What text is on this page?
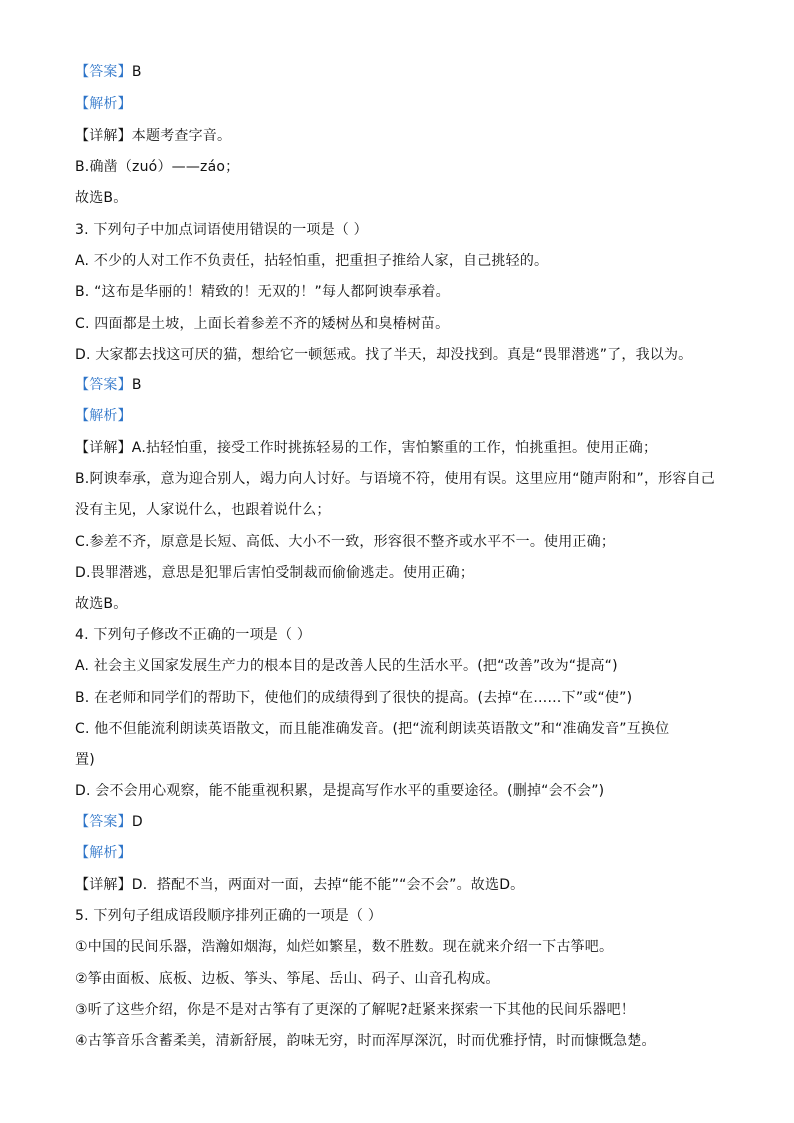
【答案】B
【解析】
【详解】本题考查字音。
B.确凿（zuó）——záo；
故选B。
3. 下列句子中加点词语使用错误的一项是（ ）
A. 不少的人对工作不负责任，拈轻怕重，把重担子推给人家，自己挑轻的。
B. “这布是华丽的！精致的！无双的！”每人都阿谀奉承着。
C. 四面都是土坡，上面长着参差不齐的矮树丛和臭椿树苗。
D. 大家都去找这可厌的猫，想给它一顿惩戒。找了半天，却没找到。真是“畏罪潜逃”了，我以为。
【答案】B
【解析】
【详解】A.拈轻怕重，接受工作时挑拣轻易的工作，害怕繁重的工作，怕挑重担。使用正确；
B.阿谀奉承，意为迎合别人，竭力向人讨好。与语境不符，使用有误。这里应用“随声附和”，形容自己
没有主见，人家说什么，也跟着说什么；
C.参差不齐，原意是长短、高低、大小不一致，形容很不整齐或水平不一。使用正确；
D.畏罪潜逃，意思是犯罪后害怕受制裁而偷偷逃走。使用正确；
故选B。
4. 下列句子修改不正确的一项是（ ）
A. 社会主义国家发展生产力的根本目的是改善人民的生活水平。(把“改善”改为“提高“)
B. 在老师和同学们的帮助下，使他们的成绩得到了很快的提高。(去掉“在……下”或“使”)
C. 他不但能流利朗读英语散文，而且能准确发音。(把“流利朗读英语散文”和“准确发音”互换位
置)
D. 会不会用心观察，能不能重视积累，是提高写作水平的重要途径。(删掉“会不会”)
【答案】D
【解析】
【详解】D．搭配不当，两面对一面，去掉“能不能”“会不会”。故选D。
5. 下列句子组成语段顺序排列正确的一项是（ ）
①中国的民间乐器，浩瀚如烟海，灿烂如繁星，数不胜数。现在就来介绍一下古筝吧。
②筝由面板、底板、边板、筝头、筝尾、岳山、码子、山音孔构成。
③听了这些介绍，你是不是对古筝有了更深的了解呢?赶紧来探索一下其他的民间乐器吧！
④古筝音乐含蓄柔美，清新舒展，韵味无穷，时而浑厚深沉，时而优雅抒情，时而慷慨急楚。
